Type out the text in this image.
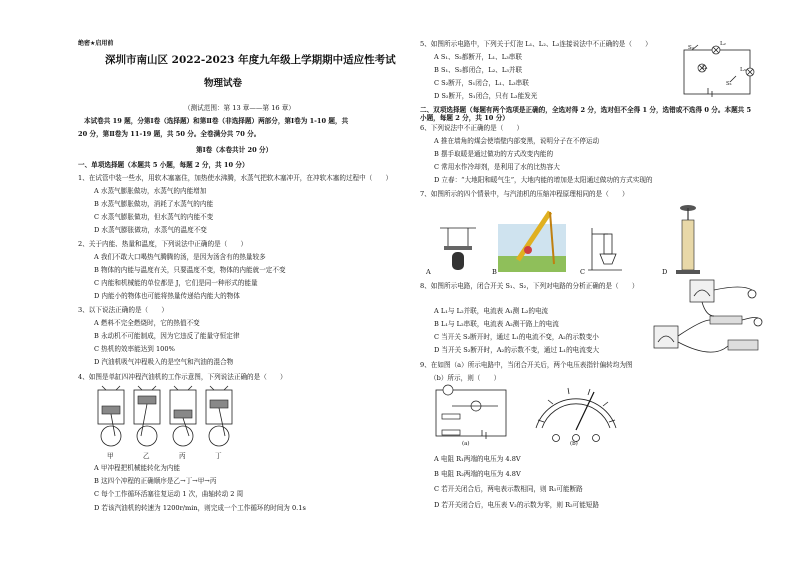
绝密★启用前
深圳市南山区 2022-2023 年度九年级上学期期中适应性考试
物理试卷
（测试范围：第 13 章——第 16 章）
本试卷共 19 题，分第Ⅰ卷（选择题）和第Ⅱ卷（非选择题）两部分，第Ⅰ卷为 1-10 题，共
20 分，第Ⅱ卷为 11-19 题，共 50 分。全卷满分共 70 分。
第Ⅰ卷（本卷共计 20 分）
一、单项选择题（本题共 5 小题，每题 2 分，共 10 分）
1、在试管中装一些水，用软木塞塞住，加热使水沸腾，水蒸气把软木塞冲开，在冲软木塞的过程中（　　）
A 水蒸气膨胀做功，水蒸气的内能增加
B 水蒸气膨胀做功，消耗了水蒸气的内能
C 水蒸气膨胀做功，但水蒸气的内能不变
D 水蒸气膨胀做功，水蒸气的温度不变
2、关于内能、热量和温度，下列说法中正确的是（　　）
A 我们不敢大口喝热气腾腾的汤，是因为汤含有的热量较多
B 物体的内能与温度有关，只要温度不变，物体的内能就一定不变
C 内能和机械能的单位都是 J，它们是同一种形式的能量
D 内能小的物体也可能将热量传递给内能大的物体
3、以下说法正确的是（　　）
A 燃料不完全燃烧时，它的热值不变
B 永动机不可能制成，因为它违反了能量守恒定律
C 热机的效率能达到 100%
D 汽油机吸气冲程吸入的是空气和汽油的混合物
4、如图是单缸四冲程汽油机的工作示意图，下列说法正确的是（　　）
甲	乙	丙	丁
A 甲冲程把机械能转化为内能
B 这四个冲程的正确顺序是乙→丁→甲→丙
C 每个工作循环活塞往复运动 1 次，曲轴转动 2 周
D 若该汽油机的转速为 1200r/min，则完成一个工作循环的时间为 0.1s
5、如图所示电路中，下列关于灯泡 L₁、L₂、L₃连接说法中不正确的是（　　）
A S₁、S₂都断开，L₁、L₃串联
B S₁、S₂都闭合，L₂、L₃并联
C S₂断开，S₁闭合，L₁、L₃串联
D S₂断开，S₁闭合，只有 L₃能发光
S₂
L₂
L₁	L₃
S₁
二、双项选择题（每题有两个选项是正确的，全选对得 2 分，选对但不全得 1 分，选错或不选得 0 分。本题共 5 小题，每题 2 分，共 10 分）
6、下列说法中不正确的是（　　）
A 推在墙角的煤会使墙壁内部变黑，说明分子在不停运动
B 摆手取暖是通过做功的方式改变内能的
C 常用水作冷却剂，是利用了水的比热容大
D 立春：“大地阳和暖气生”，大地内能的增加是太阳通过做功的方式实现的
7、如图所示的四个情景中，与汽油机的压缩冲程原理相同的是（　　）
A	B	C	D
8、如图所示电路，闭合开关 S₁、S₂，下列对电路的分析正确的是（　　）
A L₁与 L₂并联，电流表 A₁测 L₂的电流
B L₁与 L₂串联，电流表 A₂测干路上的电流
C 当开关 S₂断开时，通过 L₁的电流不变，A₂的示数变小
D 当开关 S₂断开时，A₂的示数不变，通过 L₁的电流变大
9、在如图（a）所示电路中，当闭合开关后，两个电压表指针偏转均为图
（b）所示，则（　　）
(a)	(b)
A 电阻 R₁两端的电压为 4.8V
B 电阻 R₂两端的电压为 4.8V
C 若开关闭合后，两电表示数相同，则 R₁可能断路
D 若开关闭合后，电压表 V₂的示数为零，则 R₂可能短路
